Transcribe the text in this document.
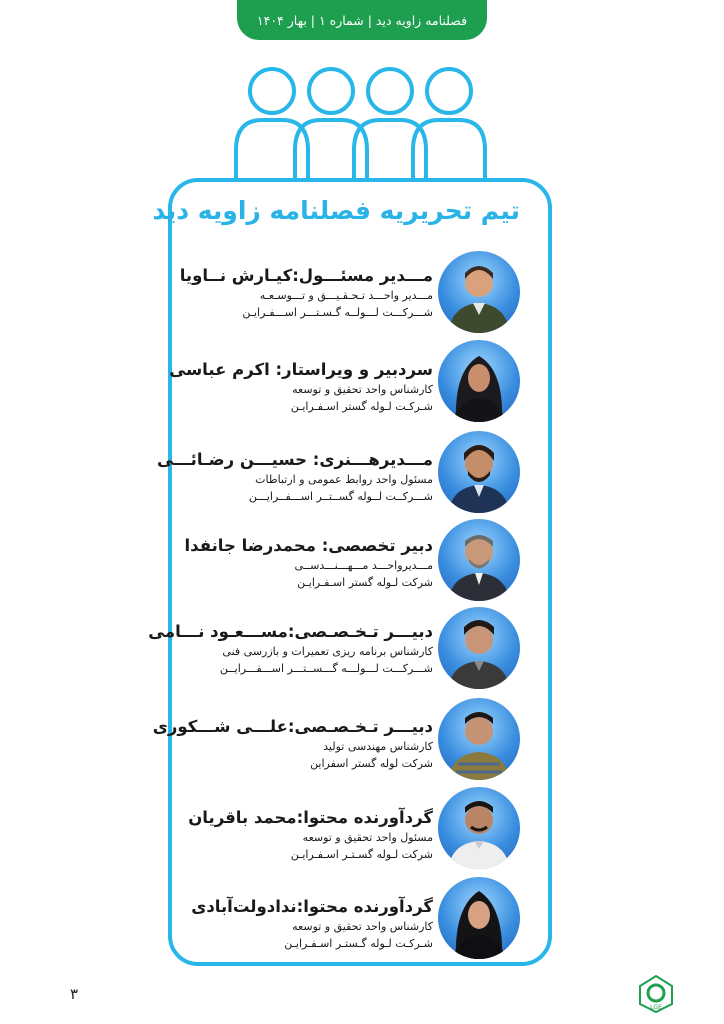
فصلنامه زاویه دید | شماره ۱ | بهار ۱۴۰۴
تیم تحریریه فصلنامه زاویه دید
مـــدیر مسئـــول:کیـارش نــاویا
مـــدیر واحـــد تـحـقـیـــق و تـــوسـعـه
شـــرکـــت لـــولــه گـسـتـــر اســـفـرایـن
سردبیر و ویراستار: اکرم عباسی
کارشناس واحد تحقیق و توسعه
شـرکـت لـوله گستر اسـفـرایـن
مـــدیرهـــنری: حسیـــن رضـائـــی
مسئول واحد روابط عمومی و ارتباطات
شـــرکــت لــوله گســتــر اســـفــرایـــن
دبیر تخصصی: محمدرضا جانفدا
مـــدیرواحـــد مـــهـــنـــدســی
شرکت لـوله گستر اسـفـرایـن
دبیـــر تـخـصـصی:مســـعـود نـــامی
کارشناس برنامه ریزی تعمیرات و بازرسی فنی
شـــرکـــت لـــولـــه گـــســتـــر اســـفـــرایــن
دبیـــر تـخـصـصی:علـــی شـــکوری
کارشناس مهندسی تولید
شرکت لوله گستر اسفراین
گردآورنده محتوا:محمد باقریان
مسئول واحد تحقیق و توسعه
شرکت لـوله گسـتـر اسـفـرایـن
گردآورنده محتوا:نداد‌ولت‌آبادی
کارشناس واحد تحقیق و توسعه
شـرکـت لـوله گـستـر اسـفـرایـن
۳
LGE
